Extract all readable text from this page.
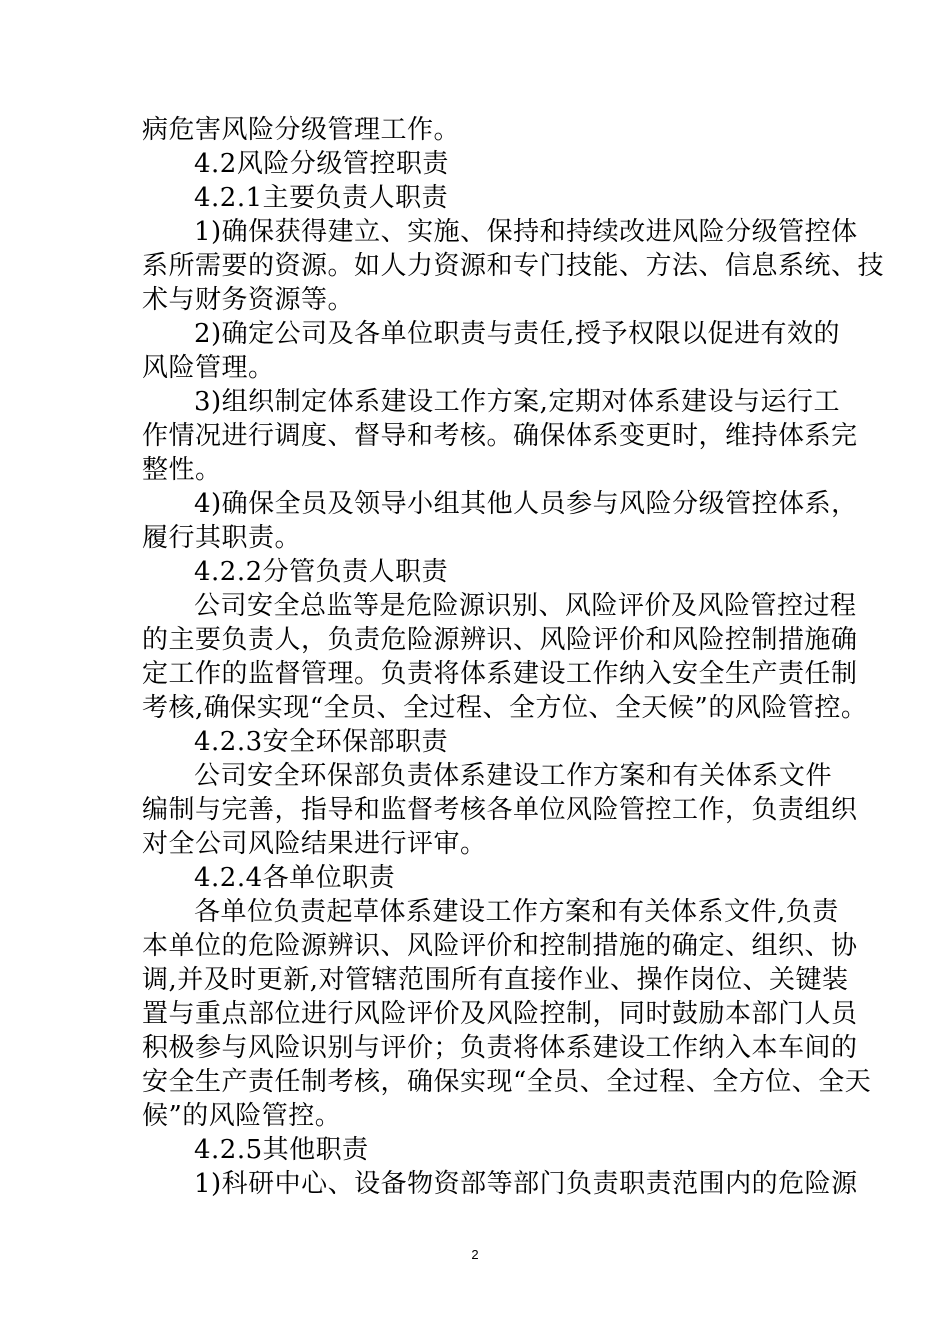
病危害风险分级管理工作。
4.2风险分级管控职责
4.2.1主要负责人职责
1)确保获得建立、实施、保持和持续改进风险分级管控体
系所需要的资源。如人力资源和专门技能、方法、信息系统、技
术与财务资源等。
2)确定公司及各单位职责与责任,授予权限以促进有效的
风险管理。
3)组织制定体系建设工作方案,定期对体系建设与运行工
作情况进行调度、督导和考核。确保体系变更时，维持体系完
整性。
4)确保全员及领导小组其他人员参与风险分级管控体系，
履行其职责。
4.2.2分管负责人职责
公司安全总监等是危险源识别、风险评价及风险管控过程
的主要负责人，负责危险源辨识、风险评价和风险控制措施确
定工作的监督管理。负责将体系建设工作纳入安全生产责任制
考核,确保实现“全员、全过程、全方位、全天候”的风险管控。
4.2.3安全环保部职责
公司安全环保部负责体系建设工作方案和有关体系文件
编制与完善，指导和监督考核各单位风险管控工作，负责组织
对全公司风险结果进行评审。
4.2.4各单位职责
各单位负责起草体系建设工作方案和有关体系文件,负责
本单位的危险源辨识、风险评价和控制措施的确定、组织、协
调,并及时更新,对管辖范围所有直接作业、操作岗位、关键装
置与重点部位进行风险评价及风险控制，同时鼓励本部门人员
积极参与风险识别与评价；负责将体系建设工作纳入本车间的
安全生产责任制考核，确保实现“全员、全过程、全方位、全天
候”的风险管控。
4.2.5其他职责
1)科研中心、设备物资部等部门负责职责范围内的危险源
2
